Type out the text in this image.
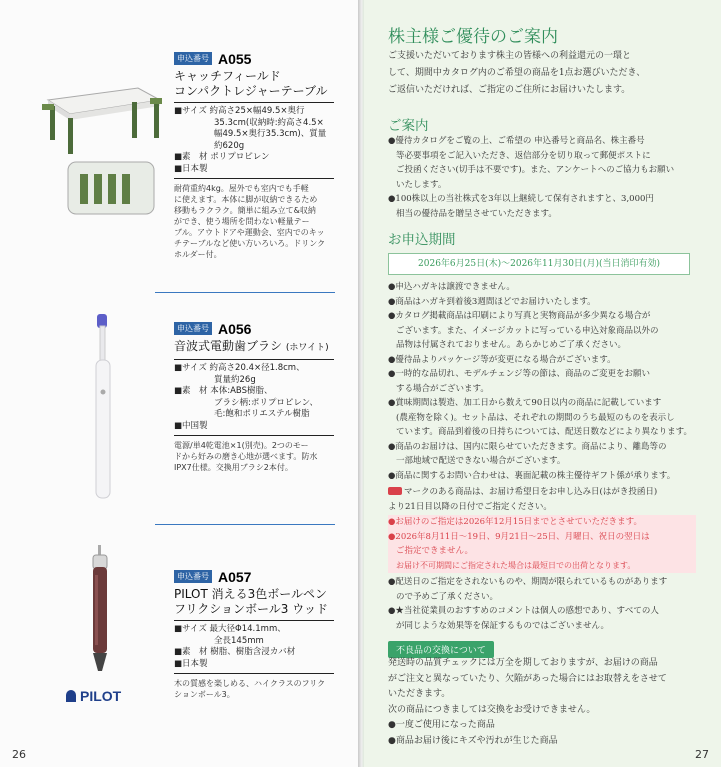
申込番号 A055
キャッチフィールド
コンパクトレジャーテーブル
■サイズ 約高さ25×幅49.5×奥行
35.3cm(収納時:約高さ4.5×
幅49.5×奥行35.3cm)、質量
約620g
■素　材 ポリプロピレン
■日本製
耐荷重約4kg。屋外でも室内でも手軽
に使えます。本体に脚が収納できるため
移動もラクラク。簡単に組み立て&収納
ができ、使う場所を問わない軽量テー
ブル。アウトドアや運動会、室内でのキッ
チテーブルなど使い方いろいろ。ドリンク
ホルダー付。
申込番号 A056
音波式電動歯ブラシ (ホワイト)
■サイズ 約高さ20.4×径1.8cm、
質量約26g
■素　材 本体:ABS樹脂、
ブラシ柄:ポリプロピレン、
毛:飽和ポリエステル樹脂
■中国製
電源/単4乾電池×1(別売)。2つのモー
ドから好みの磨き心地が選べます。防水
IPX7仕様。交換用ブラシ2本付。
申込番号 A057
PILOT 消える3色ボールペン
フリクションボール3 ウッド
■サイズ 最大径Φ14.1mm、
全長145mm
■素　材 樹脂、樹脂含浸カバ材
■日本製
木の質感を楽しめる、ハイクラスのフリク
ションボール3。
PILOT
26
株主様ご優待のご案内
ご支援いただいております株主の皆様への利益還元の一環と
して、期間中カタログ内のご希望の商品を1点お選びいただき、
ご返信いただければ、ご指定のご住所にお届けいたします。
ご案内
●優待カタログをご覧の上、ご希望の 申込番号と商品名、株主番号
等必要事項をご記入いただき、返信部分を切り取って郵便ポストに
ご投函ください(切手は不要です)。また、アンケートへのご協力もお願い
いたします。
●100株以上の当社株式を3年以上継続して保有されますと、3,000円
相当の優待品を贈呈させていただきます。
お申込期間
2026年6月25日(木)～2026年11月30日(月)(当日消印有効)
●申込ハガキは譲渡できません。
●商品はハガキ到着後3週間ほどでお届けいたします。
●カタログ掲載商品は印刷により写真と実物商品が多少異なる場合が
ございます。また、イメージカットに写っている申込対象商品以外の
品物は付属されておりません。あらかじめご了承ください。
●優待品よりパッケージ等が変更になる場合がございます。
●一時的な品切れ、モデルチェンジ等の節は、商品のご変更をお願い
する場合がございます。
●賞味期間は製造、加工日から数えて90日以内の商品に記載しています
(農産物を除く)。セット品は、それぞれの期間のうち最短のものを表示し
ています。商品到着後の日持ちについては、配送日数などにより異なります。
●商品のお届けは、国内に限らせていただきます。商品により、離島等の
一部地域で配送できない場合がございます。
●商品に関するお問い合わせは、裏面記載の株主優待ギフト係が承ります。
マークのある商品は、お届け希望日をお申し込み日(はがき投函日)
より21日目以降の日付でご指定ください。
●お届けのご指定は2026年12月15日までとさせていただきます。
●2026年8月11日～19日、9月21日～25日、月曜日、祝日の翌日は
ご指定できません。
お届け不可期間にご指定された場合は最短日での出荷となります。
●配送日のご指定をされないものや、期間が限られているものがあります
ので予めご了承ください。
●★当社従業員のおすすめのコメントは個人の感想であり、すべての人
が同じような効果等を保証するものではございません。
不良品の交換について
発送時の品質チェックには万全を期しておりますが、お届けの商品
がご注文と異なっていたり、欠陥があった場合にはお取替えをさせて
いただきます。
次の商品につきましては交換をお受けできません。
●一度ご使用になった商品
●商品お届け後にキズや汚れが生じた商品
27
